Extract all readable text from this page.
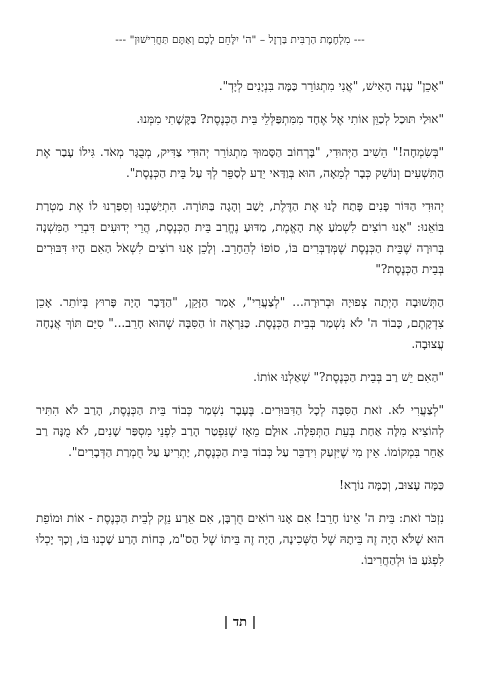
--- מִלְחֶמֶת הַרְבִּית בַּרְזֶל – "ה' יִלָּחֵם לָכֶם וְאַתֶּם תַּחֲרִישׁוּן" ---

"אָכֵן" עָנָה הָאִישׁ, "אֲנִי מִתְגּוֹרֵר כַּמָּה בִּנְיָנִים לְיָדְ".

"אוּלַי תּוּכַל לְכַוֵּן אוֹתִי אֶל אֶחָד מִמִּתְפַּלְּלֵי בֵּית הַכְּנֶסֶת? בַּקָּשָׁתִי מִמְּנוּ.

"בְּשִׂמְחָה!" הֵשִׁיב הַיְּהוּדִי, "בָּרְחוֹב הַסָּמוּךְ מִתְגּוֹרֵר יְהוּדִי צַדִּיק, מְבֻגָּר מְאֹד. גִּילוֹ עָבַר אֶת הַתִּשְׁעִים וְנוֹשֵׁק כְּבָר לְמֵאָה, הוּא בְּוַדַּאי יֵדַע לְסַפֵּר לְךָ עַל בֵּית הַכְּנֶסֶת".

יְהוּדִי הַדּוֹר פָּנִים פָּתַח לָנוּ אֶת הַדֶּלֶת, יָשַׁב וְהָגָה בַּתּוֹרָה. הִתְיַשַּׁבְנוּ וְסִפַּרְנוּ לוֹ אֶת מַטְרַת בּוֹאֵנוּ: "אָנוּ רוֹצִים לִשְׁמֹעַ אֶת הָאֱמֶת, מַדּוּעַ נֶחֱרַב בֵּית הַכְּנֶסֶת, הֲרֵי יְדוּעִים דִּבְרֵי הַמִּשְׁנָה בְּרוּרָה שֶׁבֵּית הַכְּנֶסֶת שֶׁמְּדַבְּרִים בּוֹ, סוֹפוֹ לְהֵחָרֵב. וְלָכֵן אָנוּ רוֹצִים לִשְׁאֹל הַאִם הָיוּ דִּבּוּרִים בְּבֵית הַכְּנֶסֶת?"

הַתְּשׁוּבָה הָיְתָה צְפוּיָה וּבְרוּרָה... "לְצַעֲרִי", אָמַר הַזָּקֵן, "הַדָּבָר הָיָה פָּרוּץ בְּיוֹתֵר. אָכֵן צִדְקָתֶם, כָּבוֹד ה' לֹא נִשְׁמַר בְּבֵית הַכְּנֶסֶת. כַּנִּרְאֶה זוֹ הַסִּבָּה שֶׁהוּא חָרֵב..." סִיֵּם תּוֹךְ אֲנָחָה עֲצוּבָה.

"הַאִם יֵשׁ רַב בְּבֵית הַכְּנֶסֶת?" שְׁאַלְנוּ אוֹתוֹ.

"לְצַעֲרִי לֹא. זֹאת הַסִּבָּה לְכָל הַדִּבּוּרִים. בֶּעָבָר נִשְׁמַר כְּבוֹד בֵּית הַכְּנֶסֶת, הָרַב לֹא הִתִּיר לְהוֹצִיא מִלָּה אַחַת בְּעֵת הַתְּפִלָּה. אוּלָם מֵאָז שֶׁנִּפְטַר הָרַב לִפְנֵי מִסְפַּר שָׁנִים, לֹא מֻנָּה רַב אַחֵר בִּמְקוֹמוֹ. אֵין מִי שֶׁיִּזְעַק וִידַבֵּר עַל כְּבוֹד בֵּית הַכְּנֶסֶת, יַתְרִיעַ עַל חֻמְרַת הַדְּבָרִים".

כַּמָּה עָצוּב, וְכַמָּה נוֹרָא!

נִזְכֹּר זֹאת: בֵּית ה' אֵינוֹ חָרֵב! אִם אָנוּ רוֹאִים חֻרְבָּן, אִם אֵרַע נֵזֶק לְבֵית הַכְּנֶסֶת - אוֹת וּמוֹפֵת הוּא שֶׁלֹּא הָיָה זֶה בֵּיתָהּ שֶׁל הַשְּׁכִינָה, הָיָה זֶה בֵּיתוֹ שֶׁל הַס"מ, כְּחוֹת הָרַע שָׁכְנוּ בּוֹ, וְכָךְ יָכְלוּ לִפְגֹּעַ בּוֹ וּלְהַחֲרִיבוֹ.

| תד |
